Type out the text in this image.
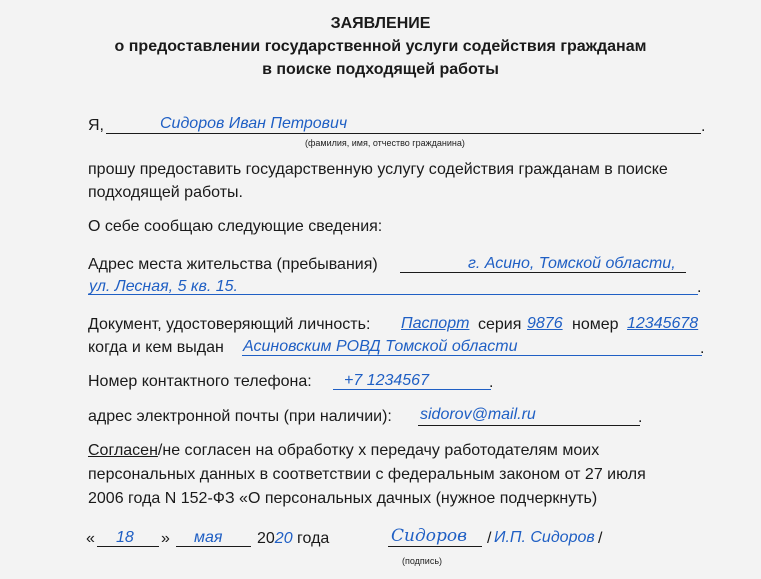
ЗАЯВЛЕНИЕ
о предоставлении государственной услуги содействия гражданам
в поиске подходящей работы
Я,	Сидоров Иван Петрович	.
(фамилия, имя, отчество гражданина)
прошу предоставить государственную услугу содействия гражданам в поиске
подходящей работы.
О себе сообщаю следующие сведения:
Адрес места жительства (пребывания)	г. Асино, Томской области,
ул. Лесная, 5 кв. 15.	.
Документ, удостоверяющий личность: Паспорт серия 9876 номер 12345678
когда и кем выдан Асиновским РОВД Томской области	.
Номер контактного телефона: +7 1234567	.
адрес электронной почты (при наличии): sidorov@mail.ru	.
Согласен/не согласен на обработку х передачу работодателям моих
персональных данных в соответствии с федеральным законом от 27 июля
2006 года N 152-ФЗ «О персональных дачных (нужное подчеркнуть)
« 18 » мая 2020 года	Сидоров / И.П. Сидоров /
(подпись)
